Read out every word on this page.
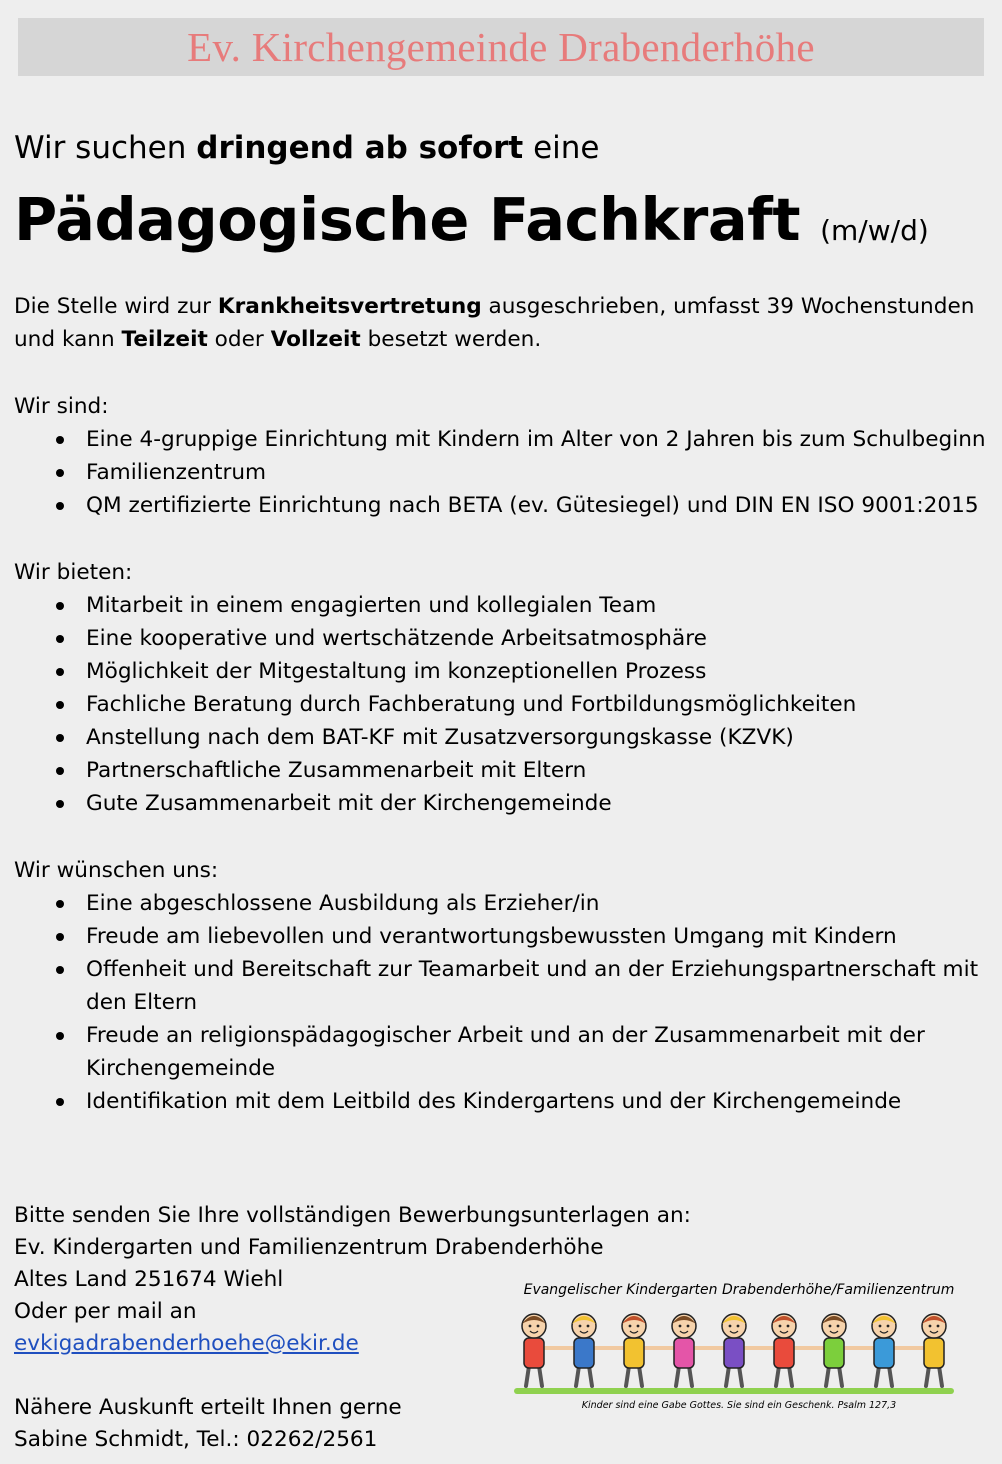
Ev. Kirchengemeinde Drabenderhöhe
Wir suchen dringend ab sofort eine
Pädagogische Fachkraft (m/w/d)

Die Stelle wird zur Krankheitsvertretung ausgeschrieben, umfasst 39 Wochenstunden und kann Teilzeit oder Vollzeit besetzt werden.

Wir sind:

Eine 4-gruppige Einrichtung mit Kindern im Alter von 2 Jahren bis zum Schulbeginn
Familienzentrum
QM zertifizierte Einrichtung nach BETA (ev. Gütesiegel) und DIN EN ISO 9001:2015

Wir bieten:

Mitarbeit in einem engagierten und kollegialen Team
Eine kooperative und wertschätzende Arbeitsatmosphäre
Möglichkeit der Mitgestaltung im konzeptionellen Prozess
Fachliche Beratung durch Fachberatung und Fortbildungsmöglichkeiten
Anstellung nach dem BAT-KF mit Zusatzversorgungskasse (KZVK)
Partnerschaftliche Zusammenarbeit mit Eltern
Gute Zusammenarbeit mit der Kirchengemeinde

Wir wünschen uns:

Eine abgeschlossene Ausbildung als Erzieher/in
Freude am liebevollen und verantwortungsbewussten Umgang mit Kindern
Offenheit und Bereitschaft zur Teamarbeit und an der Erziehungspartnerschaft mit den Eltern
Freude an religionspädagogischer Arbeit und an der Zusammenarbeit mit der Kirchengemeinde
Identifikation mit dem Leitbild des Kindergartens und der Kirchengemeinde
Bitte senden Sie Ihre vollständigen Bewerbungsunterlagen an:
Ev. Kindergarten und Familienzentrum Drabenderhöhe
Altes Land 251674 Wiehl
Oder per mail an
evkigadrabenderhoehe@ekir.de
Nähere Auskunft erteilt Ihnen gerne
Sabine Schmidt, Tel.: 02262/2561
Evangelischer Kindergarten Drabenderhöhe/Familienzentrum
Kinder sind eine Gabe Gottes. Sie sind ein Geschenk. Psalm 127,3
